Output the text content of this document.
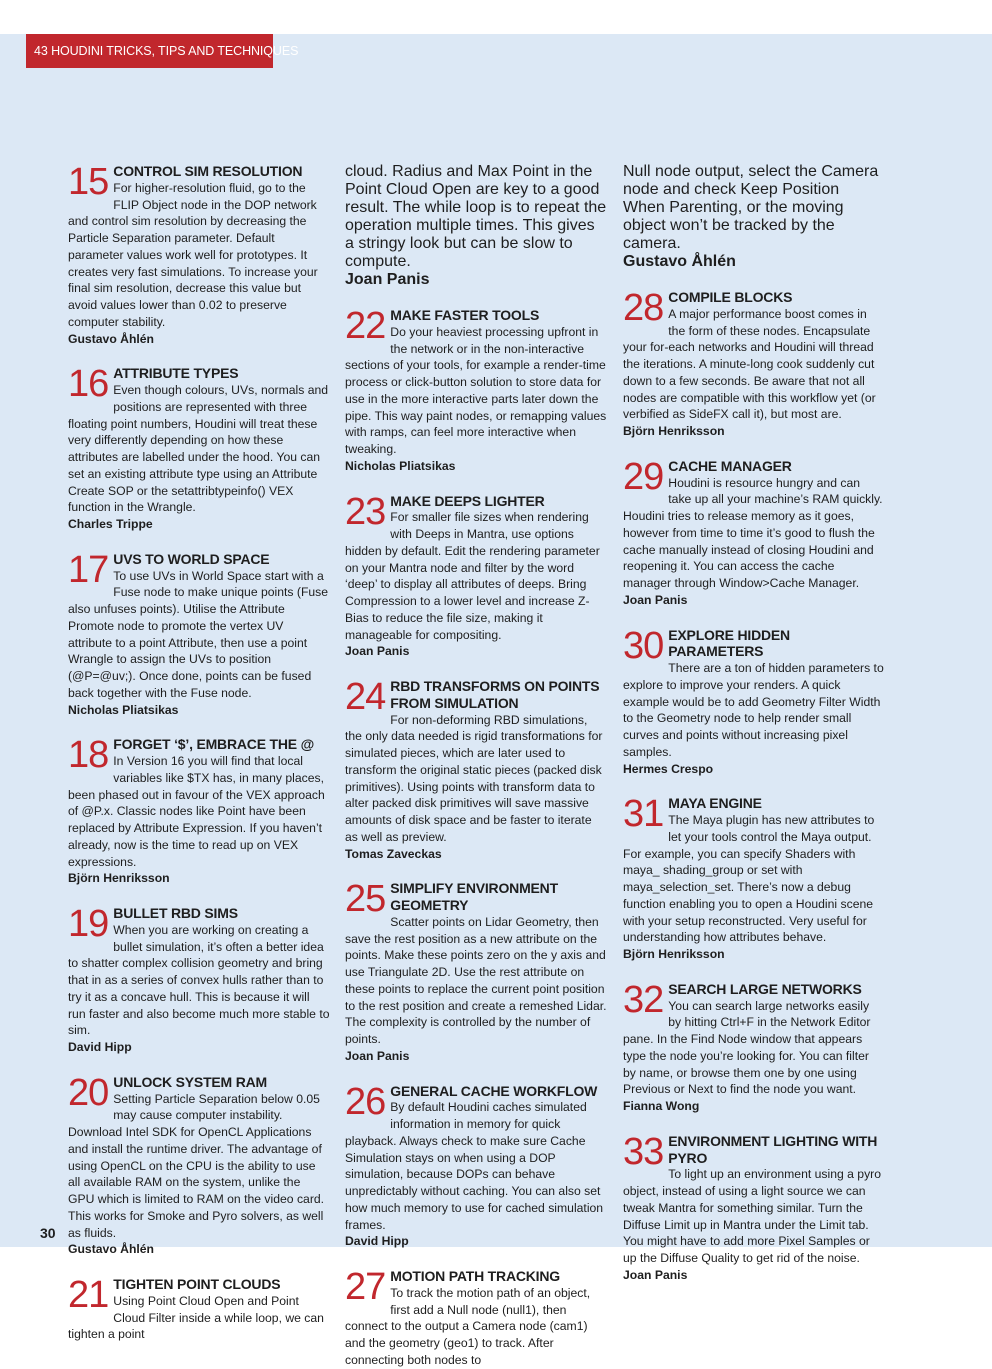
43 HOUDINI TRICKS, TIPS AND TECHNIQUES
15 CONTROL SIM RESOLUTION
For higher-resolution fluid, go to the FLIP Object node in the DOP network and control sim resolution by decreasing the Particle Separation parameter. Default parameter values work well for prototypes. It creates very fast simulations. To increase your final sim resolution, decrease this value but avoid values lower than 0.02 to preserve computer stability.
Gustavo Åhlén
16 ATTRIBUTE TYPES
Even though colours, UVs, normals and positions are represented with three floating point numbers, Houdini will treat these very differently depending on how these attributes are labelled under the hood. You can set an existing attribute type using an Attribute Create SOP or the setattribtypeinfo() VEX function in the Wrangle.
Charles Trippe
17 UVS TO WORLD SPACE
To use UVs in World Space start with a Fuse node to make unique points (Fuse also unfuses points). Utilise the Attribute Promote node to promote the vertex UV attribute to a point Attribute, then use a point Wrangle to assign the UVs to position (@P=@uv;). Once done, points can be fused back together with the Fuse node.
Nicholas Pliatsikas
18 FORGET ‘$’, EMBRACE THE @
In Version 16 you will find that local variables like $TX has, in many places, been phased out in favour of the VEX approach of @P.x. Classic nodes like Point have been replaced by Attribute Expression. If you haven’t already, now is the time to read up on VEX expressions.
Björn Henriksson
19 BULLET RBD SIMS
When you are working on creating a bullet simulation, it’s often a better idea to shatter complex collision geometry and bring that in as a series of convex hulls rather than to try it as a concave hull. This is because it will run faster and also become much more stable to sim.
David Hipp
20 UNLOCK SYSTEM RAM
Setting Particle Separation below 0.05 may cause computer instability. Download Intel SDK for OpenCL Applications and install the runtime driver. The advantage of using OpenCL on the CPU is the ability to use all available RAM on the system, unlike the GPU which is limited to RAM on the video card. This works for Smoke and Pyro solvers, as well as fluids.
Gustavo Åhlén
21 TIGHTEN POINT CLOUDS
Using Point Cloud Open and Point Cloud Filter inside a while loop, we can tighten a point
cloud. Radius and Max Point in the Point Cloud Open are key to a good result. The while loop is to repeat the operation multiple times. This gives a stringy look but can be slow to compute.
Joan Panis
22 MAKE FASTER TOOLS
Do your heaviest processing upfront in the network or in the non-interactive sections of your tools, for example a render-time process or click-button solution to store data for use in the more interactive parts later down the pipe. This way paint nodes, or remapping values with ramps, can feel more interactive when tweaking.
Nicholas Pliatsikas
23 MAKE DEEPS LIGHTER
For smaller file sizes when rendering with Deeps in Mantra, use options hidden by default. Edit the rendering parameter on your Mantra node and filter by the word ‘deep’ to display all attributes of deeps. Bring Compression to a lower level and increase Z-Bias to reduce the file size, making it manageable for compositing.
Joan Panis
24 RBD TRANSFORMS ON POINTS FROM SIMULATION
For non-deforming RBD simulations, the only data needed is rigid transformations for simulated pieces, which are later used to transform the original static pieces (packed disk primitives). Using points with transform data to alter packed disk primitives will save massive amounts of disk space and be faster to iterate as well as preview.
Tomas Zaveckas
25 SIMPLIFY ENVIRONMENT GEOMETRY
Scatter points on Lidar Geometry, then save the rest position as a new attribute on the points. Make these points zero on the y axis and use Triangulate 2D. Use the rest attribute on these points to replace the current point position to the rest position and create a remeshed Lidar. The complexity is controlled by the number of points.
Joan Panis
26 GENERAL CACHE WORKFLOW
By default Houdini caches simulated information in memory for quick playback. Always check to make sure Cache Simulation stays on when using a DOP simulation, because DOPs can behave unpredictably without caching. You can also set how much memory to use for cached simulation frames.
David Hipp
27 MOTION PATH TRACKING
To track the motion path of an object, first add a Null node (null1), then connect to the output a Camera node (cam1) and the geometry (geo1) to track. After connecting both nodes to
Null node output, select the Camera node and check Keep Position When Parenting, or the moving object won’t be tracked by the camera.
Gustavo Åhlén
28 COMPILE BLOCKS
A major performance boost comes in the form of these nodes. Encapsulate your for-each networks and Houdini will thread the iterations. A minute-long cook suddenly cut down to a few seconds. Be aware that not all nodes are compatible with this workflow yet (or verbified as SideFX call it), but most are.
Björn Henriksson
29 CACHE MANAGER
Houdini is resource hungry and can take up all your machine’s RAM quickly. Houdini tries to release memory as it goes, however from time to time it’s good to flush the cache manually instead of closing Houdini and reopening it. You can access the cache manager through Window>Cache Manager.
Joan Panis
30 EXPLORE HIDDEN PARAMETERS
There are a ton of hidden parameters to explore to improve your renders. A quick example would be to add Geometry Filter Width to the Geometry node to help render small curves and points without increasing pixel samples.
Hermes Crespo
31 MAYA ENGINE
The Maya plugin has new attributes to let your tools control the Maya output. For example, you can specify Shaders with maya_ shading_group or set with maya_selection_set. There’s now a debug function enabling you to open a Houdini scene with your setup reconstructed. Very useful for understanding how attributes behave.
Björn Henriksson
32 SEARCH LARGE NETWORKS
You can search large networks easily by hitting Ctrl+F in the Network Editor pane. In the Find Node window that appears type the node you’re looking for. You can filter by name, or browse them one by one using Previous or Next to find the node you want.
Fianna Wong
33 ENVIRONMENT LIGHTING WITH PYRO
To light up an environment using a pyro object, instead of using a light source we can tweak Mantra for something similar. Turn the Diffuse Limit up in Mantra under the Limit tab. You might have to add more Pixel Samples or up the Diffuse Quality to get rid of the noise.
Joan Panis
30
